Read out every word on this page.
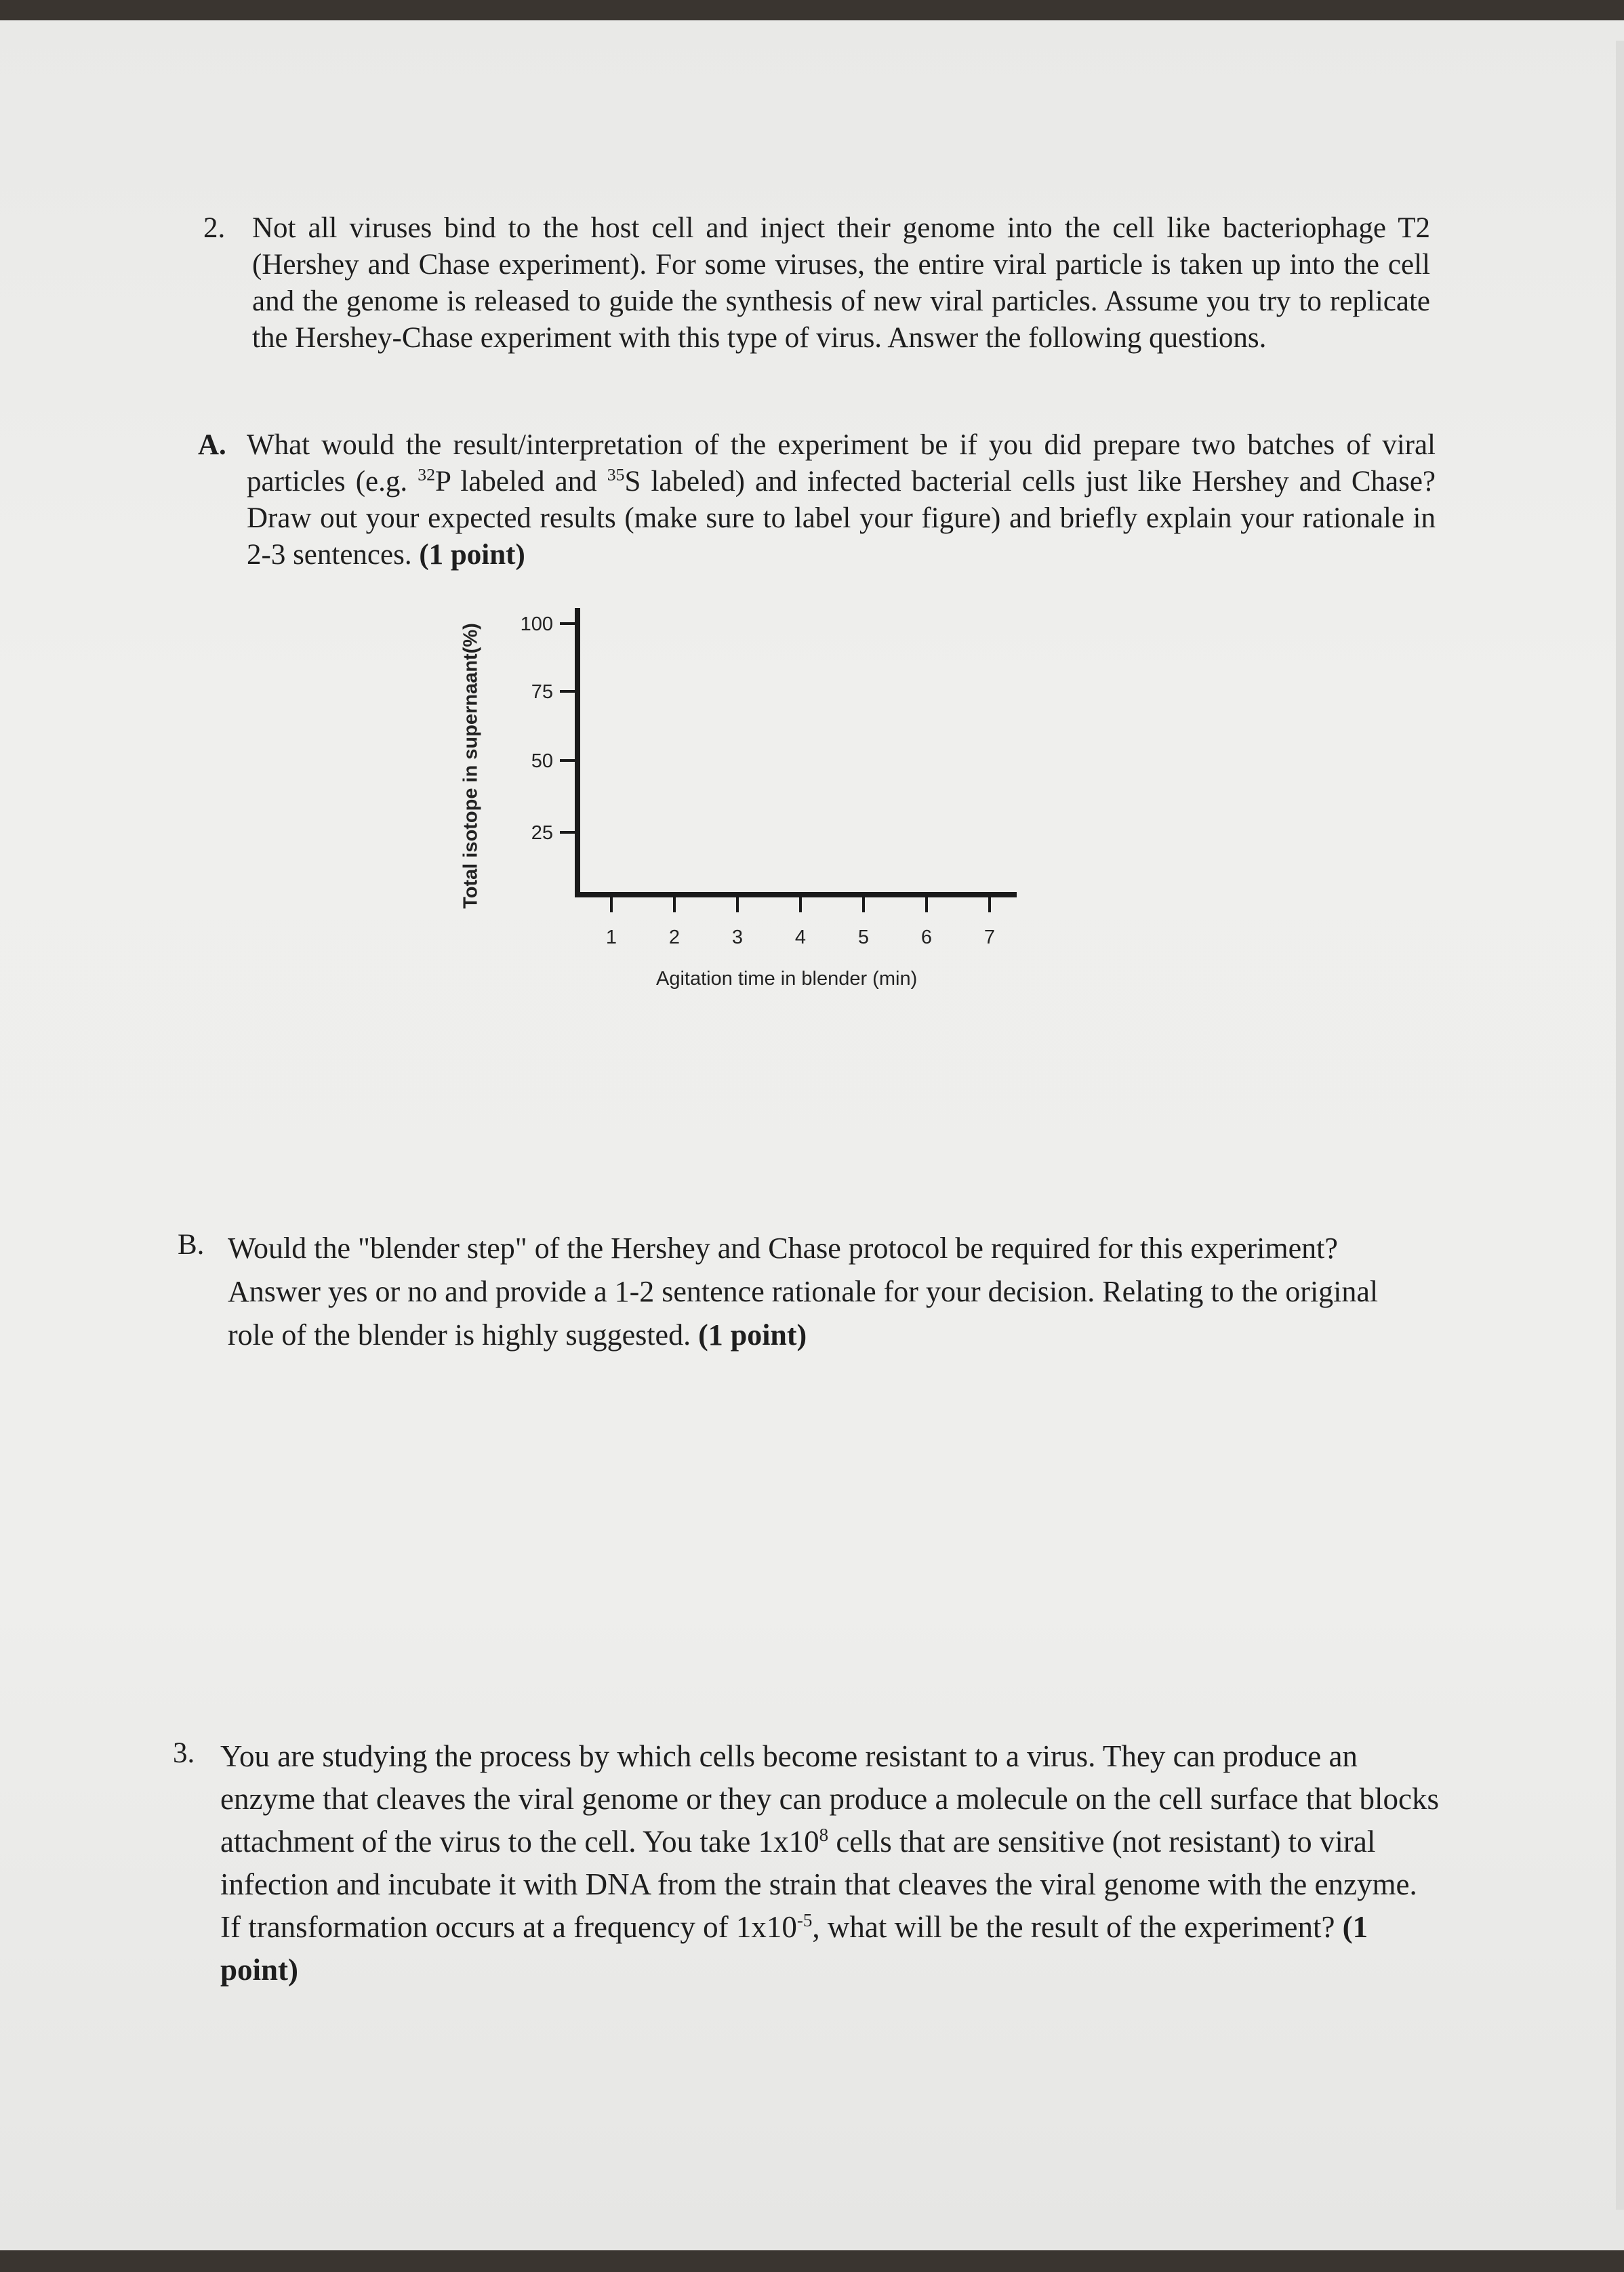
2. Not all viruses bind to the host cell and inject their genome into the cell like bacteriophage T2 (Hershey and Chase experiment). For some viruses, the entire viral particle is taken up into the cell and the genome is released to guide the synthesis of new viral particles. Assume you try to replicate the Hershey-Chase experiment with this type of virus. Answer the following questions.
A. What would the result/interpretation of the experiment be if you did prepare two batches of viral particles (e.g. $^{32}$P labeled and $^{35}$S labeled) and infected bacterial cells just like Hershey and Chase? Draw out your expected results (make sure to label your figure) and briefly explain your rationale in 2-3 sentences. (1 point)
Total isotope in supernaant(%)	25
50
75
100
1	2	3	4	5	6	7
Agitation time in blender (min)
B. Would the "blender step" of the Hershey and Chase protocol be required for this experiment? Answer yes or no and provide a 1-2 sentence rationale for your decision. Relating to the original role of the blender is highly suggested. (1 point)
3. You are studying the process by which cells become resistant to a virus. They can produce an enzyme that cleaves the viral genome or they can produce a molecule on the cell surface that blocks attachment of the virus to the cell. You take $1x10^8$ cells that are sensitive (not resistant) to viral infection and incubate it with DNA from the strain that cleaves the viral genome with the enzyme. If transformation occurs at a frequency of $1x10^{-5}$, what will be the result of the experiment? (1 point)
